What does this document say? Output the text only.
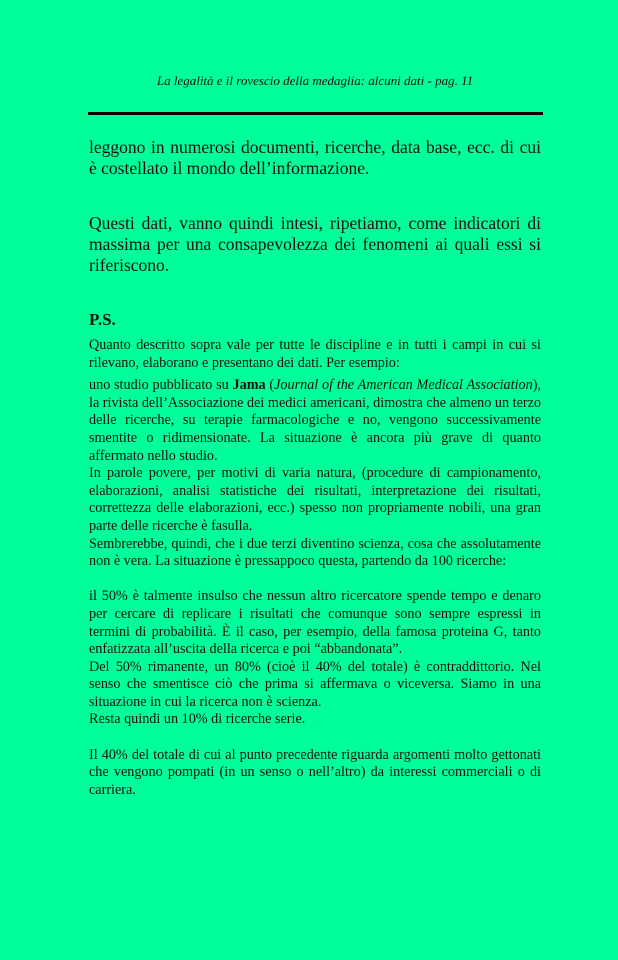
La legalità e il rovescio della medaglia: alcuni dati - pag. 11

leggono in numerosi documenti, ricerche, data base, ecc. di cui è costellato il mondo dell’informazione.

Questi dati, vanno quindi intesi, ripetiamo, come indicatori di massima per una consapevolezza dei fenomeni ai quali essi si riferiscono.

P.S.

Quanto descritto sopra vale per tutte le discipline e in tutti i campi in cui si rilevano, elaborano e presentano dei dati. Per esempio:

uno studio pubblicato su Jama (Journal of the American Medical Association), la rivista dell’Associazione dei medici americani, dimostra che almeno un terzo delle ricerche, su terapie farmacologiche e no, vengono successivamente smentite o ridimensionate. La situazione è ancora più grave di quanto affermato nello studio.

In parole povere, per motivi di varia natura, (procedure di campionamento, elaborazioni, analisi statistiche dei risultati, interpretazione dei risultati, correttezza delle elaborazioni, ecc.) spesso non propriamente nobili, una gran parte delle ricerche è fasulla.

Sembrerebbe, quindi, che i due terzi diventino scienza, cosa che assolutamente non è vera. La situazione è pressappoco questa, partendo da 100 ricerche:

il 50% è talmente insulso che nessun altro ricercatore spende tempo e denaro per cercare di replicare i risultati che comunque sono sempre espressi in termini di probabilità. È il caso, per esempio, della famosa proteina G, tanto enfatizzata all’uscita della ricerca e poi “abbandonata”.

Del 50% rimanente, un 80% (cioè il 40% del totale) è contraddittorio. Nel senso che smentisce ciò che prima si affermava o viceversa. Siamo in una situazione in cui la ricerca non è scienza.

Resta quindi un 10% di ricerche serie.

Il 40% del totale di cui al punto precedente riguarda argomenti molto gettonati che vengono pompati (in un senso o nell’altro) da interessi commerciali o di carriera.
